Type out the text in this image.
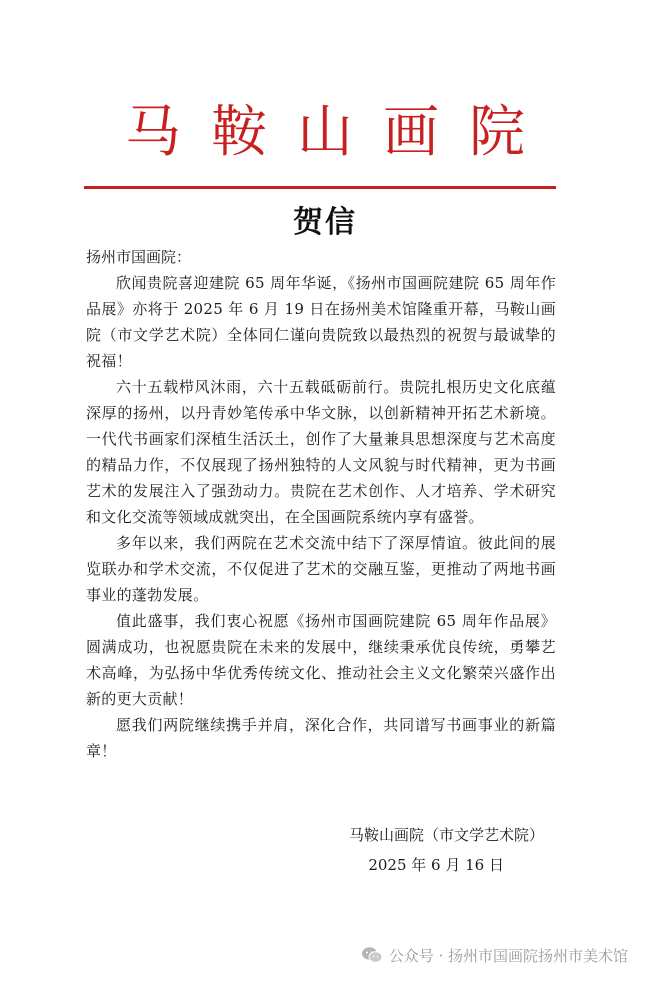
马鞍山画院
贺信

扬州市国画院：

欣闻贵院喜迎建院 65 周年华诞，《扬州市国画院建院 65 周年作品展》亦将于 2025 年 6 月 19 日在扬州美术馆隆重开幕，马鞍山画院（市文学艺术院）全体同仁谨向贵院致以最热烈的祝贺与最诚挚的祝福！

六十五载栉风沐雨，六十五载砥砺前行。贵院扎根历史文化底蕴深厚的扬州，以丹青妙笔传承中华文脉，以创新精神开拓艺术新境。一代代书画家们深植生活沃土，创作了大量兼具思想深度与艺术高度的精品力作，不仅展现了扬州独特的人文风貌与时代精神，更为书画艺术的发展注入了强劲动力。贵院在艺术创作、人才培养、学术研究和文化交流等领域成就突出，在全国画院系统内享有盛誉。

多年以来，我们两院在艺术交流中结下了深厚情谊。彼此间的展览联办和学术交流，不仅促进了艺术的交融互鉴，更推动了两地书画事业的蓬勃发展。

值此盛事，我们衷心祝愿《扬州市国画院建院 65 周年作品展》圆满成功，也祝愿贵院在未来的发展中，继续秉承优良传统，勇攀艺术高峰，为弘扬中华优秀传统文化、推动社会主义文化繁荣兴盛作出新的更大贡献！

愿我们两院继续携手并肩，深化合作，共同谱写书画事业的新篇章！

马鞍山画院（市文学艺术院）
2025 年 6 月 16 日
公众号 · 扬州市国画院扬州市美术馆
